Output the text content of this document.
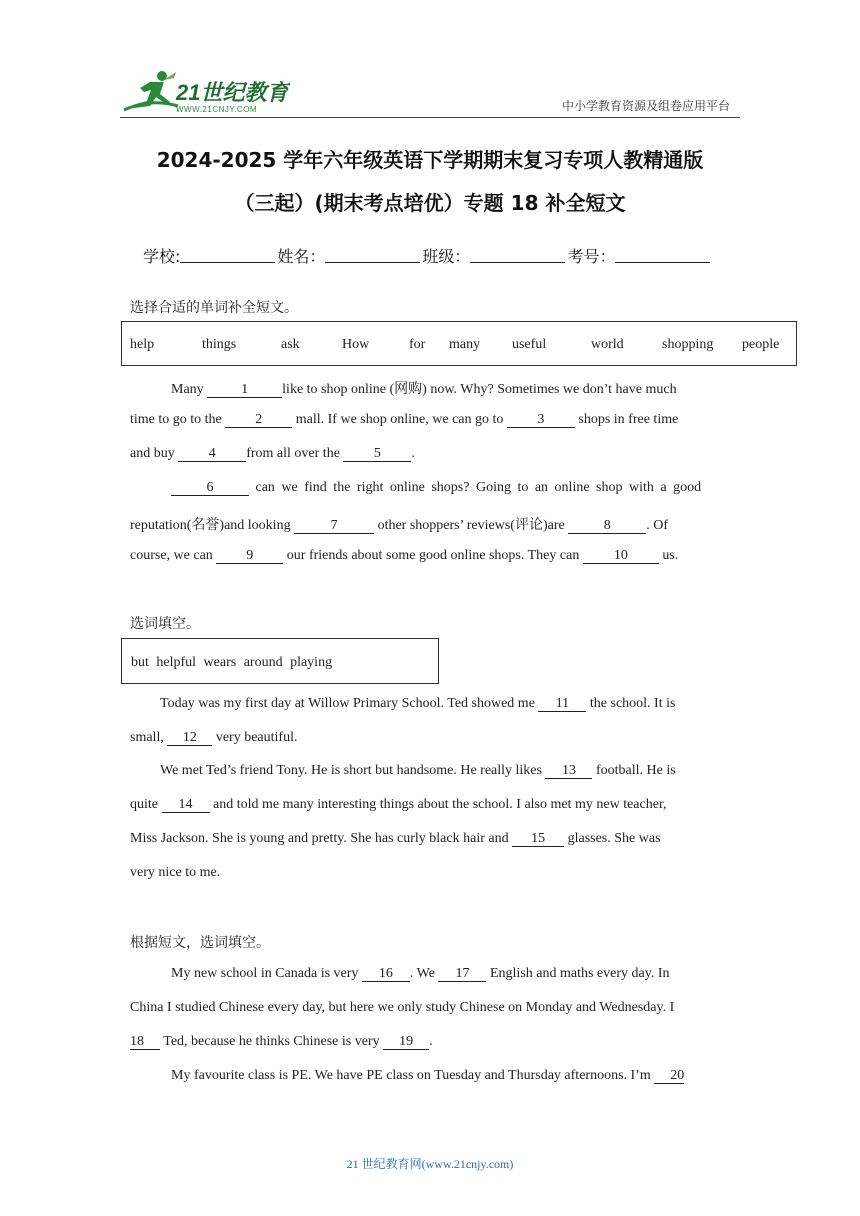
21世纪教育
WWW.21CNJY.COM	中小学教育资源及组卷应用平台
2024-2025 学年六年级英语下学期期末复习专项人教精通版
（三起）(期末考点培优）专题 18 补全短文
学校:	姓名：	班级：	考号：
选择合适的单词补全短文。
help	things	ask	How	for many useful	world	shopping people
Many 1 like to shop online (网购) now. Why? Sometimes we don’t have much
time to go to the 2 mall. If we shop online, we can go to 3 shops in free time
and buy 4 from all over the 5 .
6	can we find the right online shops? Going to an online shop with a good
reputation(名誉)and looking	7	other shoppers’ reviews(评论)are	8	. Of
course, we can 9 our friends about some good online shops. They can 10 us.
选词填空。
but helpful wears around playing
Today was my first day at Willow Primary School. Ted showed me 11 the school. It is
small, 12 very beautiful.
We met Ted’s friend Tony. He is short but handsome. He really likes 13 football. He is
quite 14 and told me many interesting things about the school. I also met my new teacher,
Miss Jackson. She is young and pretty. She has curly black hair and 15 glasses. She was
very nice to me.
根据短文，选词填空。
My new school in Canada is very 16 . We 17 English and maths every day. In
China I studied Chinese every day, but here we only study Chinese on Monday and Wednesday. I
18 Ted, because he thinks Chinese is very 19 .
My favourite class is PE. We have PE class on Tuesday and Thursday afternoons. I’m 20
21 世纪教育网(www.21cnjy.com)
